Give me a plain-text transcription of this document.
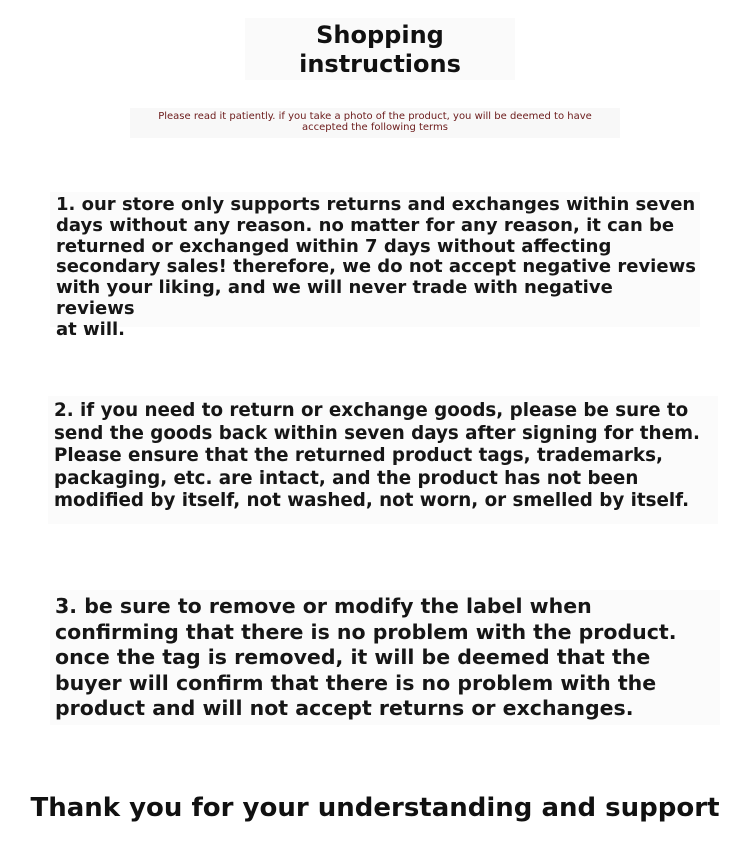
Shopping
instructions

Please read it patiently. if you take a photo of the product, you will be deemed to have
accepted the following terms

1. our store only supports returns and exchanges within seven
days without any reason. no matter for any reason, it can be
returned or exchanged within 7 days without affecting
secondary sales! therefore, we do not accept negative reviews
with your liking, and we will never trade with negative reviews
at will.

2. if you need to return or exchange goods, please be sure to
send the goods back within seven days after signing for them.
Please ensure that the returned product tags, trademarks,
packaging, etc. are intact, and the product has not been
modified by itself, not washed, not worn, or smelled by itself.

3. be sure to remove or modify the label when
confirming that there is no problem with the product.
once the tag is removed, it will be deemed that the
buyer will confirm that there is no problem with the
product and will not accept returns or exchanges.

Thank you for your understanding and support
